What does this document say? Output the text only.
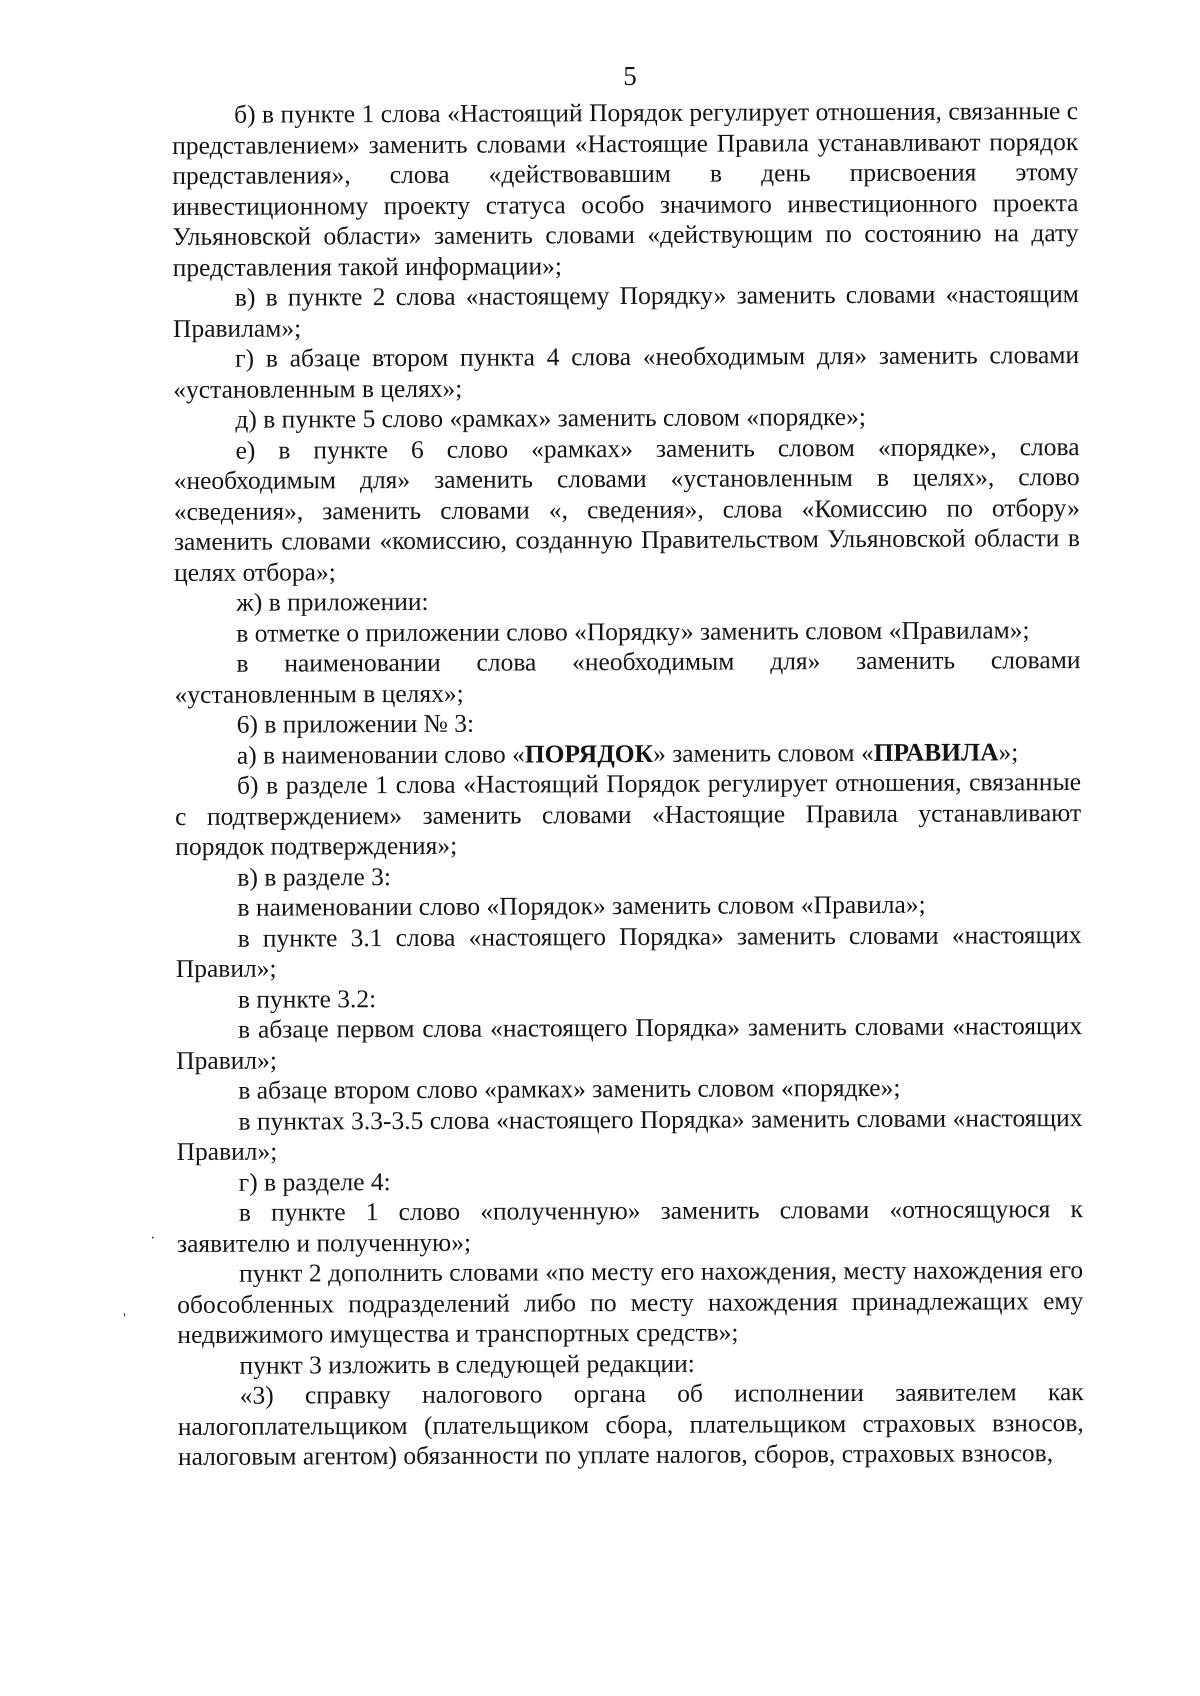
5

б) в пункте 1 слова «Настоящий Порядок регулирует отношения, связанные с представлением» заменить словами «Настоящие Правила устанавливают порядок представления», слова «действовавшим в день присвоения этому инвестиционному проекту статуса особо значимого инвестиционного проекта Ульяновской области» заменить словами «действующим по состоянию на дату представления такой информации»;

в) в пункте 2 слова «настоящему Порядку» заменить словами «настоящим Правилам»;

г) в абзаце втором пункта 4 слова «необходимым для» заменить словами «установленным в целях»;

д) в пункте 5 слово «рамках» заменить словом «порядке»;

е) в пункте 6 слово «рамках» заменить словом «порядке», слова «необходимым для» заменить словами «установленным в целях», слово «сведения», заменить словами «, сведения», слова «Комиссию по отбору» заменить словами «комиссию, созданную Правительством Ульяновской области в целях отбора»;

ж) в приложении:

в отметке о приложении слово «Порядку» заменить словом «Правилам»;

в наименовании слова «необходимым для» заменить словами «установленным в целях»;

6) в приложении № 3:

а) в наименовании слово «ПОРЯДОК» заменить словом «ПРАВИЛА»;

б) в разделе 1 слова «Настоящий Порядок регулирует отношения, связанные с подтверждением» заменить словами «Настоящие Правила устанавливают порядок подтверждения»;

в) в разделе 3:

в наименовании слово «Порядок» заменить словом «Правила»;

в пункте 3.1 слова «настоящего Порядка» заменить словами «настоящих Правил»;

в пункте 3.2:

в абзаце первом слова «настоящего Порядка» заменить словами «настоящих Правил»;

в абзаце втором слово «рамках» заменить словом «порядке»;

в пунктах 3.3-3.5 слова «настоящего Порядка» заменить словами «настоящих Правил»;

г) в разделе 4:

в пункте 1 слово «полученную» заменить словами «относящуюся к заявителю и полученную»;

пункт 2 дополнить словами «по месту его нахождения, месту нахождения его обособленных подразделений либо по месту нахождения принадлежащих ему недвижимого имущества и транспортных средств»;

пункт 3 изложить в следующей редакции:

«3) справку налогового органа об исполнении заявителем как налогоплательщиком (плательщиком сбора, плательщиком страховых взносов, налоговым агентом) обязанности по уплате налогов, сборов, страховых взносов,

•
`
